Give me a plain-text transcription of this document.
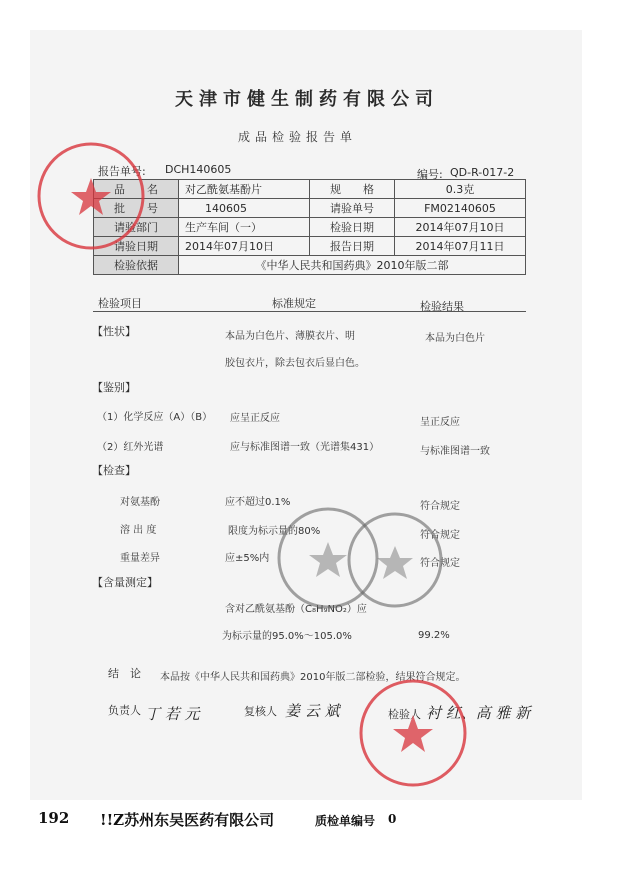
天津市健生制药有限公司
成品检验报告单
报告单号: DCH140605	编号: QD-R-017-2
品　　名	对乙酰氨基酚片	规　　格	0.3克
批　　号	140605	请验单号	FM02140605
请验部门	生产车间（一）	检验日期	2014年07月10日
请验日期	2014年07月10日	报告日期	2014年07月11日
检验依据	《中华人民共和国药典》2010年版二部		
检验项目	标准规定	检验结果
【性状】	本品为白色片、薄膜衣片、明	本品为白色片
胶包衣片，除去包衣后显白色。
【鉴别】
（1）化学反应（A）（B） 应呈正反应	呈正反应
（2）红外光谱	应与标准图谱一致（光谱集431）	与标准图谱一致
【检查】
对氨基酚	应不超过0.1%	符合规定
溶 出 度	限度为标示量的80%	符合规定
重量差异	应±5%内	符合规定
【含量测定】
含对乙酰氨基酚（C₈H₉NO₂）应
为标示量的95.0%～105.0%	99.2%
结　论 本品按《中华人民共和国药典》2010年版二部检验，结果符合规定。
负责人 丁 若 元	复核人 姜 云 斌	检验人 衬 红、高 雅 新
192 !!Z苏州东吴医药有限公司	质检单编号 0
